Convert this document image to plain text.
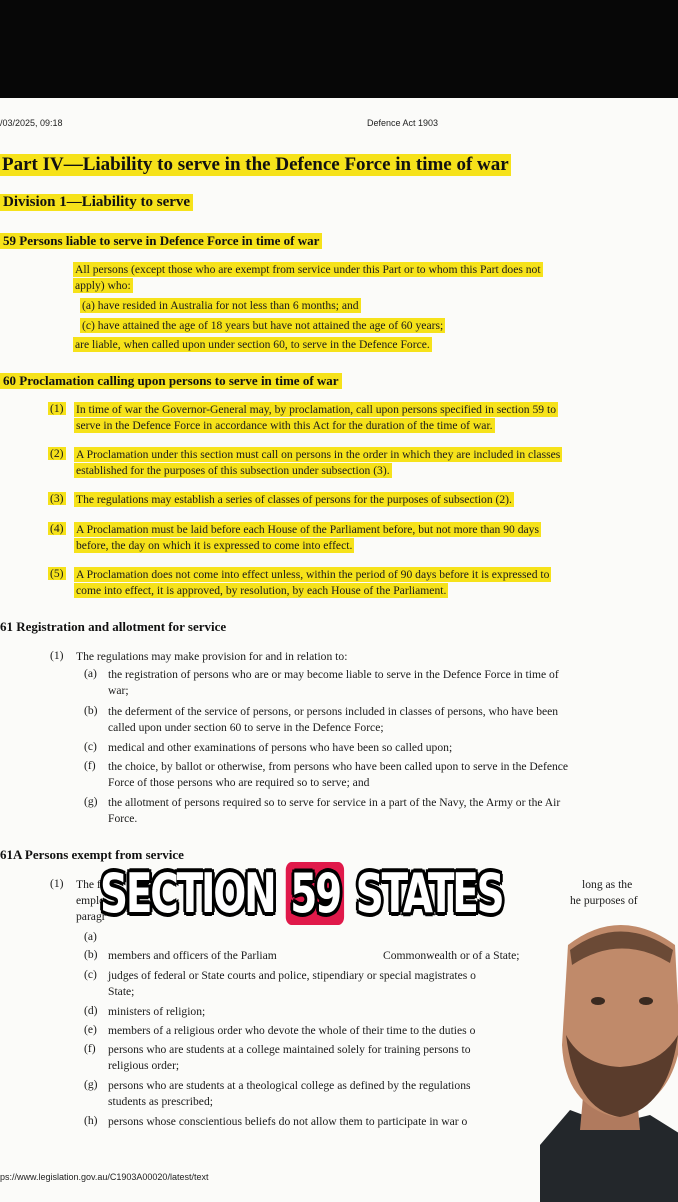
/03/2025, 09:18	Defence Act 1903
Part IV—Liability to serve in the Defence Force in time of war
Division 1—Liability to serve
59 Persons liable to serve in Defence Force in time of war
All persons (except those who are exempt from service under this Part or to whom this Part does not
apply) who:
(a) have resided in Australia for not less than 6 months; and
(c) have attained the age of 18 years but have not attained the age of 60 years;
are liable, when called upon under section 60, to serve in the Defence Force.
60 Proclamation calling upon persons to serve in time of war
(1) In time of war the Governor-General may, by proclamation, call upon persons specified in section 59 to
serve in the Defence Force in accordance with this Act for the duration of the time of war.
(2) A Proclamation under this section must call on persons in the order in which they are included in classes
established for the purposes of this subsection under subsection (3).
(3) The regulations may establish a series of classes of persons for the purposes of subsection (2).
(4) A Proclamation must be laid before each House of the Parliament before, but not more than 90 days
before, the day on which it is expressed to come into effect.
(5) A Proclamation does not come into effect unless, within the period of 90 days before it is expressed to
come into effect, it is approved, by resolution, by each House of the Parliament.
61 Registration and allotment for service
(1) The regulations may make provision for and in relation to:
(a) the registration of persons who are or may become liable to serve in the Defence Force in time of
war;
(b) the deferment of the service of persons, or persons included in classes of persons, who have been
called upon under section 60 to serve in the Defence Force;
(c) medical and other examinations of persons who have been so called upon;
(f) the choice, by ballot or otherwise, from persons who have been called upon to serve in the Defence
Force of those persons who are required so to serve; and
(g) the allotment of persons required so to serve for service in a part of the Navy, the Army or the Air
Force.
61A Persons exempt from service
(1) The fo	long as the
emplo	he purposes of
paragr
(a)
(b) members and officers of the Parliam	Commonwealth or of a State;
(c) judges of federal or State courts and police, stipendiary or special magistrates o
State;
(d) ministers of religion;
(e) members of a religious order who devote the whole of their time to the duties o
(f) persons who are students at a college maintained solely for training persons to
religious order;
(g) persons who are students at a theological college as defined by the regulations
students as prescribed;
(h) persons whose conscientious beliefs do not allow them to participate in war o
ps://www.legislation.gov.au/C1903A00020/latest/text
SECTION 59 STATES
